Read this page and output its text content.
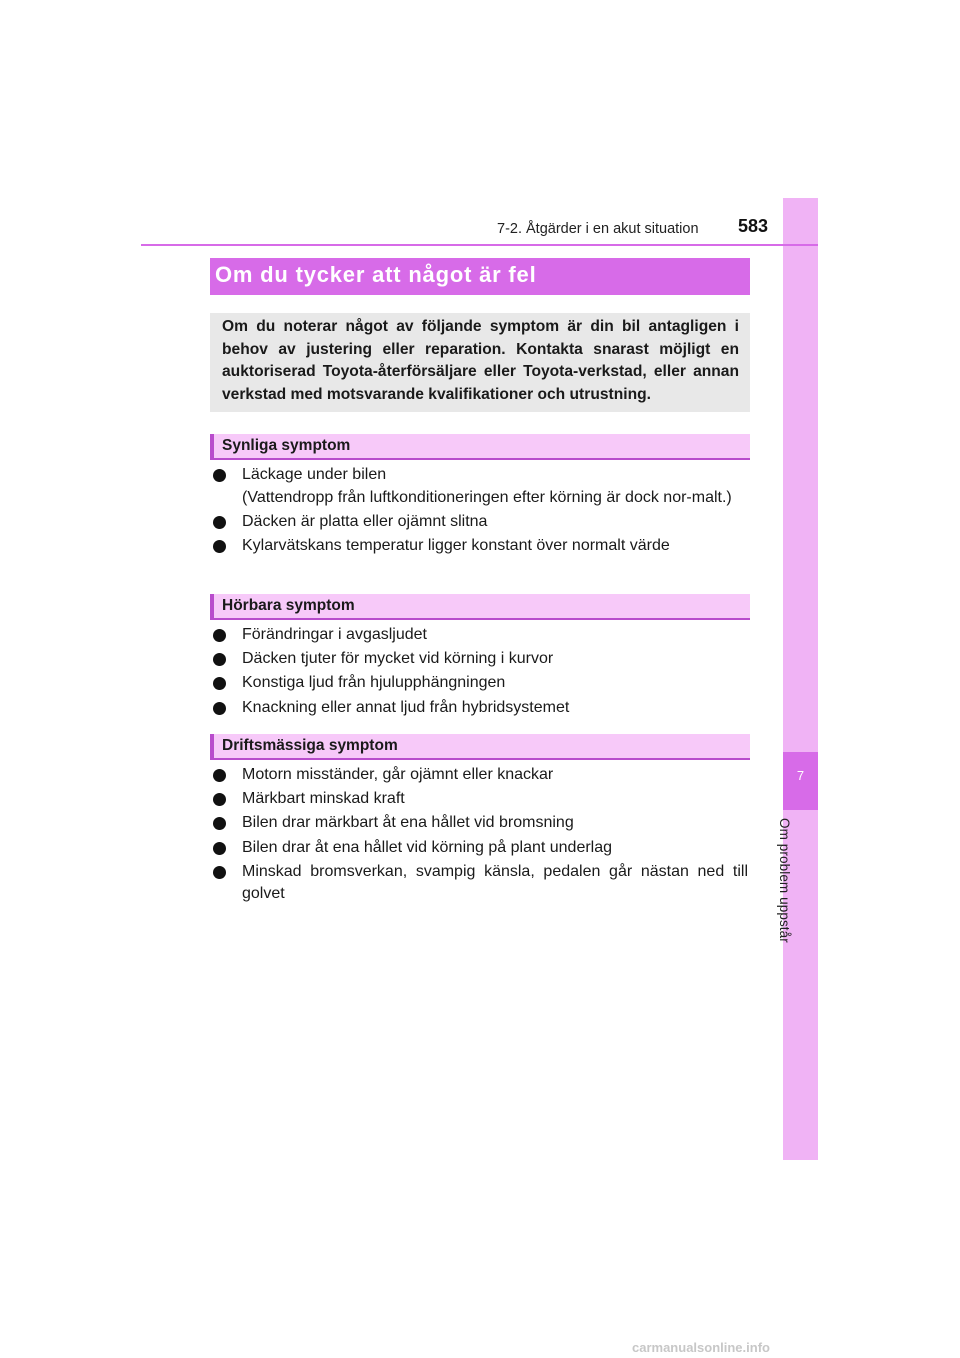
7
Om problem uppstår
7-2. Åtgärder i en akut situation 583
Om du tycker att något är fel
Om du noterar något av följande symptom är din bil antagligen i behov av justering eller reparation. Kontakta snarast möjligt en auktoriserad Toyota-återförsäljare eller Toyota-verkstad, eller annan verkstad med motsvarande kvalifikationer och utrustning.
Synliga symptom
Läckage under bilen
(Vattendropp från luftkonditioneringen efter körning är dock nor-malt.)
Däcken är platta eller ojämnt slitna
Kylarvätskans temperatur ligger konstant över normalt värde
Hörbara symptom
Förändringar i avgasljudet
Däcken tjuter för mycket vid körning i kurvor
Konstiga ljud från hjulupphängningen
Knackning eller annat ljud från hybridsystemet
Driftsmässiga symptom
Motorn misständer, går ojämnt eller knackar
Märkbart minskad kraft
Bilen drar märkbart åt ena hållet vid bromsning
Bilen drar åt ena hållet vid körning på plant underlag
Minskad bromsverkan, svampig känsla, pedalen går nästan ned till golvet
carmanualsonline.info
